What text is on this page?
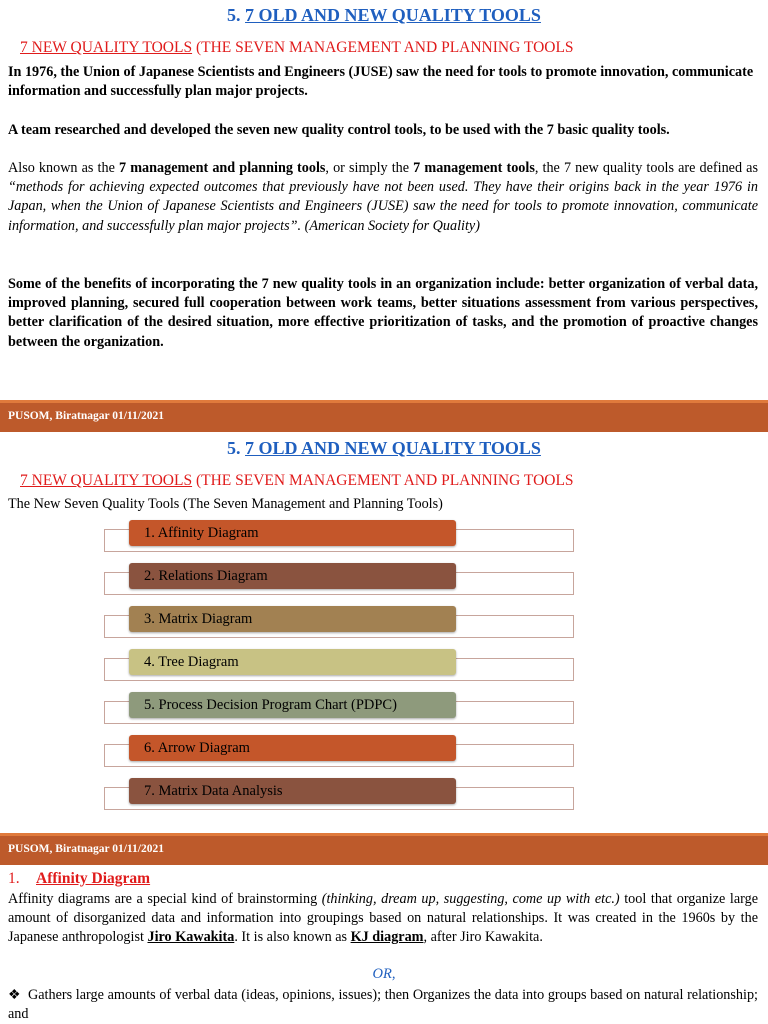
5. 7 OLD AND NEW QUALITY TOOLS
7 NEW QUALITY TOOLS (THE SEVEN MANAGEMENT AND PLANNING TOOLS
In 1976, the Union of Japanese Scientists and Engineers (JUSE) saw the need for tools to promote innovation, communicate information and successfully plan major projects.
A team researched and developed the seven new quality control tools, to be used with the 7 basic quality tools.
Also known as the 7 management and planning tools, or simply the 7 management tools, the 7 new quality tools are defined as “methods for achieving expected outcomes that previously have not been used. They have their origins back in the year 1976 in Japan, when the Union of Japanese Scientists and Engineers (JUSE) saw the need for tools to promote innovation, communicate information, and successfully plan major projects”. (American Society for Quality)
Some of the benefits of incorporating the 7 new quality tools in an organization include: better organization of verbal data, improved planning, secured full cooperation between work teams, better situations assessment from various perspectives, better clarification of the desired situation, more effective prioritization of tasks, and the promotion of proactive changes between the organization.
PUSOM, Biratnagar 01/11/2021
5. 7 OLD AND NEW QUALITY TOOLS
7 NEW QUALITY TOOLS (THE SEVEN MANAGEMENT AND PLANNING TOOLS
The New Seven Quality Tools (The Seven Management and Planning Tools)
1. Affinity Diagram
2. Relations Diagram
3. Matrix Diagram
4. Tree Diagram
5. Process Decision Program Chart (PDPC)
6. Arrow Diagram
7. Matrix Data Analysis
PUSOM, Biratnagar 01/11/2021
1. Affinity Diagram
Affinity diagrams are a special kind of brainstorming (thinking, dream up, suggesting, come up with etc.) tool that organize large amount of disorganized data and information into groupings based on natural relationships. It was created in the 1960s by the Japanese anthropologist Jiro Kawakita. It is also known as KJ diagram, after Jiro Kawakita.
OR,
❖ Gathers large amounts of verbal data (ideas, opinions, issues); then Organizes the data into groups based on natural relationship; and
